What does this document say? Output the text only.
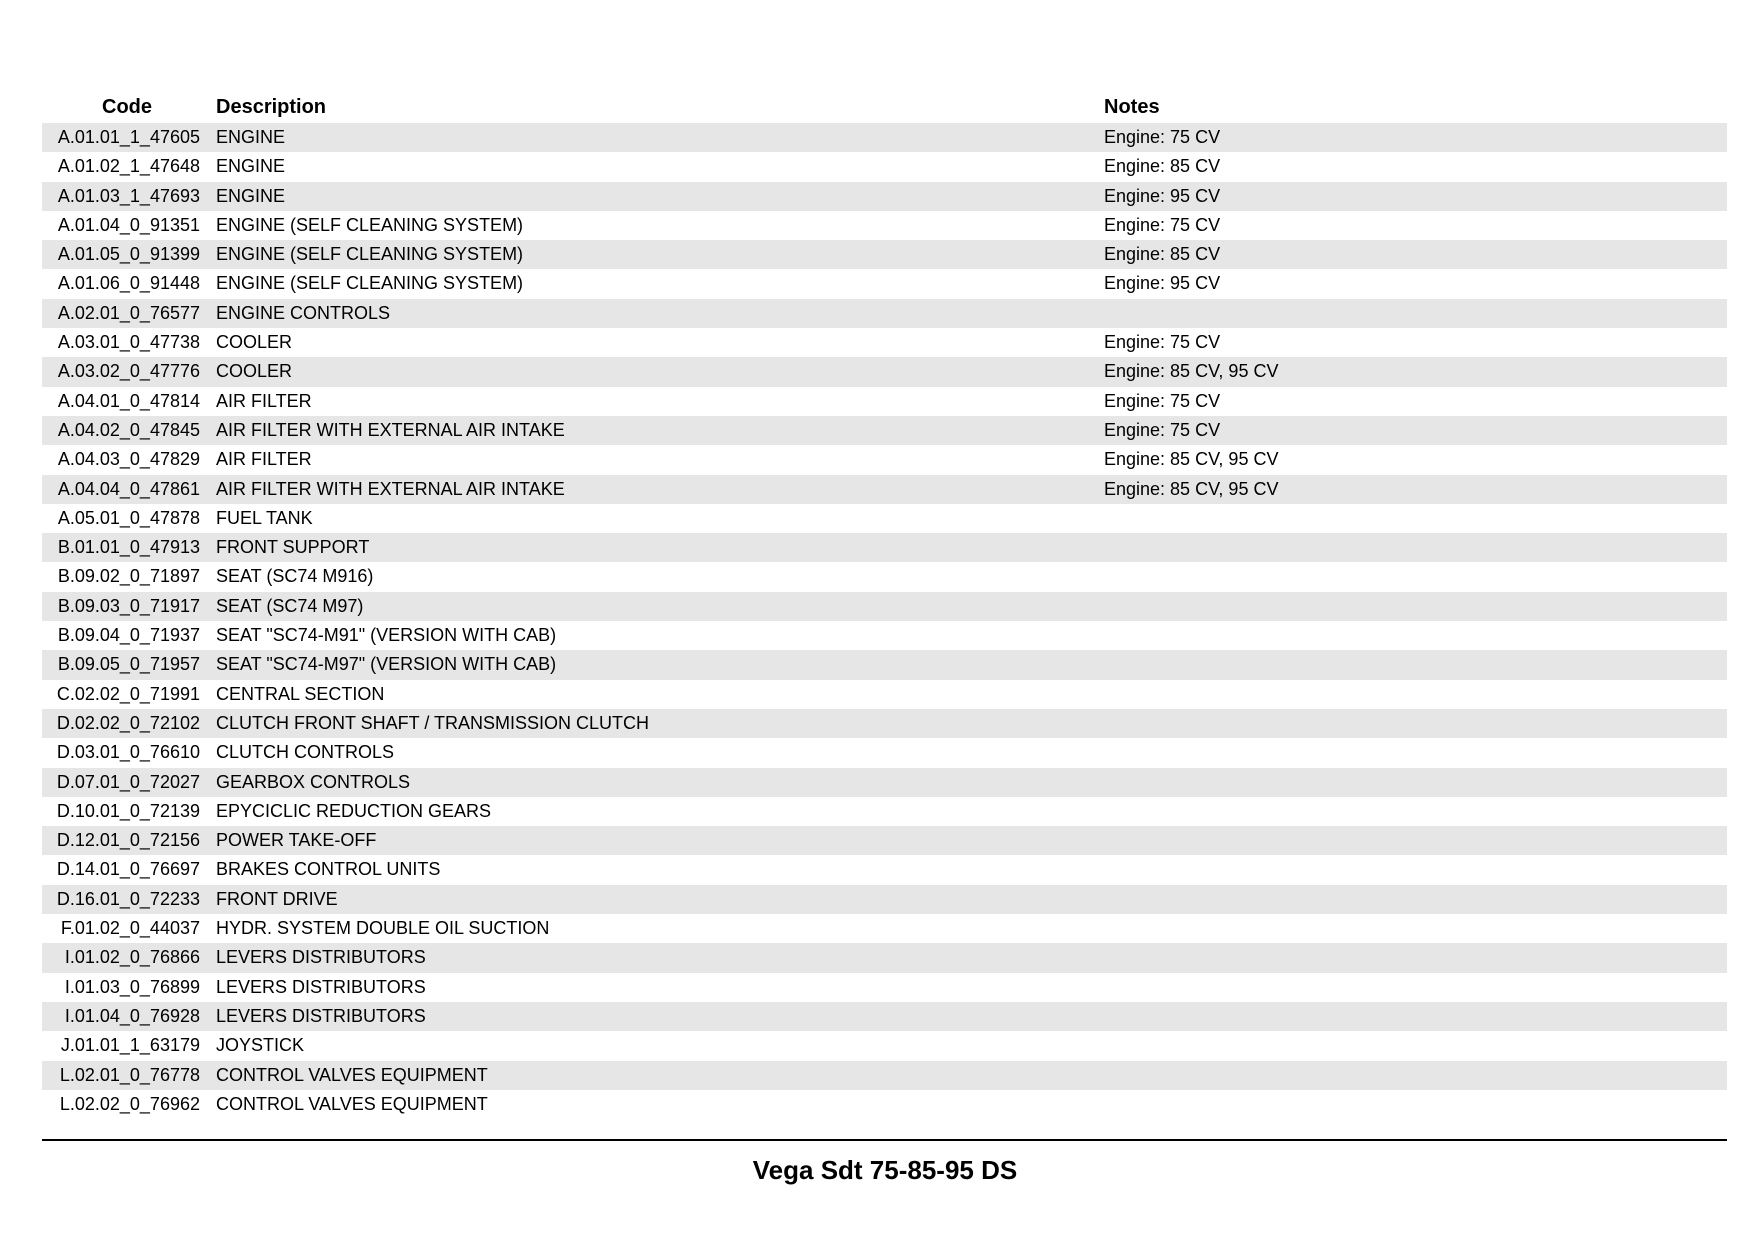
Code	Description	Notes
A.01.01_1_47605 ENGINE	Engine: 75 CV
A.01.02_1_47648 ENGINE	Engine: 85 CV
A.01.03_1_47693 ENGINE	Engine: 95 CV
A.01.04_0_91351 ENGINE (SELF CLEANING SYSTEM)	Engine: 75 CV
A.01.05_0_91399 ENGINE (SELF CLEANING SYSTEM)	Engine: 85 CV
A.01.06_0_91448 ENGINE (SELF CLEANING SYSTEM)	Engine: 95 CV
A.02.01_0_76577 ENGINE CONTROLS
A.03.01_0_47738 COOLER	Engine: 75 CV
A.03.02_0_47776 COOLER	Engine: 85 CV, 95 CV
A.04.01_0_47814 AIR FILTER	Engine: 75 CV
A.04.02_0_47845 AIR FILTER WITH EXTERNAL AIR INTAKE	Engine: 75 CV
A.04.03_0_47829 AIR FILTER	Engine: 85 CV, 95 CV
A.04.04_0_47861 AIR FILTER WITH EXTERNAL AIR INTAKE	Engine: 85 CV, 95 CV
A.05.01_0_47878 FUEL TANK
B.01.01_0_47913 FRONT SUPPORT
B.09.02_0_71897 SEAT (SC74 M916)
B.09.03_0_71917 SEAT (SC74 M97)
B.09.04_0_71937 SEAT "SC74-M91" (VERSION WITH CAB)
B.09.05_0_71957 SEAT "SC74-M97" (VERSION WITH CAB)
C.02.02_0_71991 CENTRAL SECTION
D.02.02_0_72102 CLUTCH FRONT SHAFT / TRANSMISSION CLUTCH
D.03.01_0_76610 CLUTCH CONTROLS
D.07.01_0_72027 GEARBOX CONTROLS
D.10.01_0_72139 EPYCICLIC REDUCTION GEARS
D.12.01_0_72156 POWER TAKE-OFF
D.14.01_0_76697 BRAKES CONTROL UNITS
D.16.01_0_72233 FRONT DRIVE
F.01.02_0_44037 HYDR. SYSTEM DOUBLE OIL SUCTION
I.01.02_0_76866 LEVERS DISTRIBUTORS
I.01.03_0_76899 LEVERS DISTRIBUTORS
I.01.04_0_76928 LEVERS DISTRIBUTORS
J.01.01_1_63179 JOYSTICK
L.02.01_0_76778 CONTROL VALVES EQUIPMENT
L.02.02_0_76962 CONTROL VALVES EQUIPMENT
Vega Sdt 75-85-95 DS
